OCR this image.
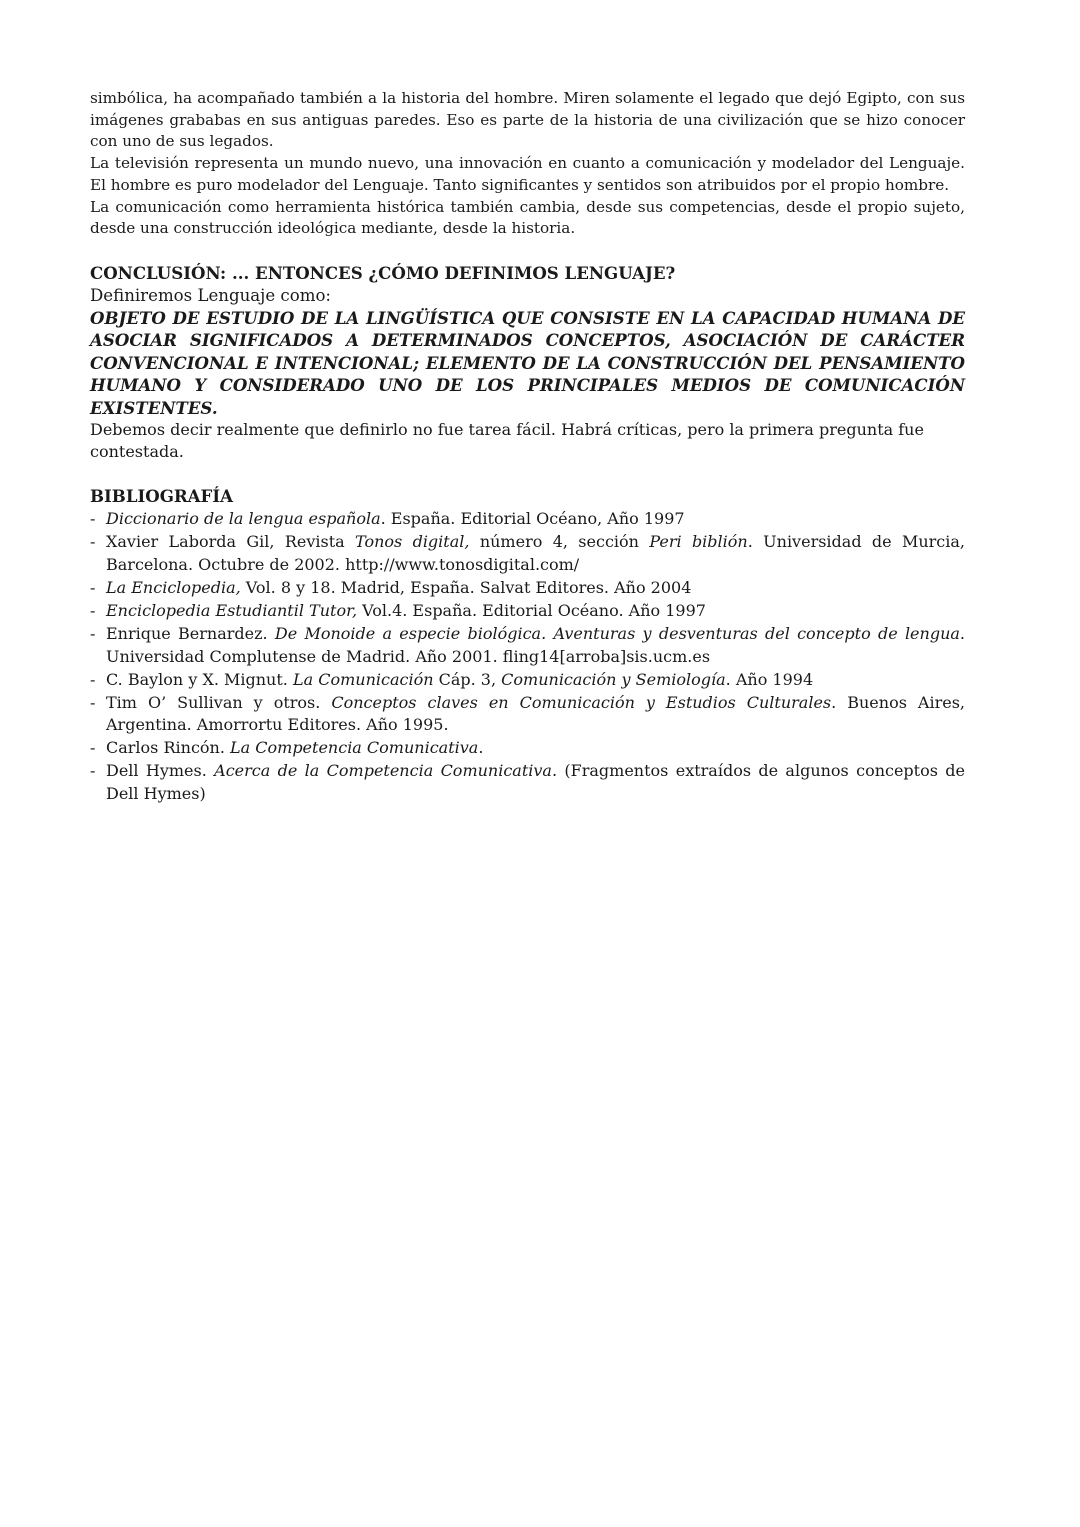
simbólica, ha acompañado también a la historia del hombre. Miren solamente el legado que dejó Egipto, con sus imágenes grababas en sus antiguas paredes. Eso es parte de la historia de una civilización que se hizo conocer con uno de sus legados.

La televisión representa un mundo nuevo, una innovación en cuanto a comunicación y modelador del Lenguaje. El hombre es puro modelador del Lenguaje. Tanto significantes y sentidos son atribuidos por el propio hombre.

La comunicación como herramienta histórica también cambia, desde sus competencias, desde el propio sujeto, desde una construcción ideológica mediante, desde la historia.

CONCLUSIÓN: ... ENTONCES ¿CÓMO DEFINIMOS LENGUAJE?

Definiremos Lenguaje como:

OBJETO DE ESTUDIO DE LA LINGÜÍSTICA QUE CONSISTE EN LA CAPACIDAD HUMANA DE ASOCIAR SIGNIFICADOS A DETERMINADOS CONCEPTOS, ASOCIACIÓN DE CARÁCTER CONVENCIONAL E INTENCIONAL; ELEMENTO DE LA CONSTRUCCIÓN DEL PENSAMIENTO HUMANO Y CONSIDERADO UNO DE LOS PRINCIPALES MEDIOS DE COMUNICACIÓN EXISTENTES.

Debemos decir realmente que definirlo no fue tarea fácil. Habrá críticas, pero la primera pregunta fue contestada.

BIBLIOGRAFÍA
- Diccionario de la lengua española. España. Editorial Océano, Año 1997
- Xavier Laborda Gil, Revista Tonos digital, número 4, sección Peri biblión. Universidad de Murcia, Barcelona. Octubre de 2002. http://www.tonosdigital.com/
- La Enciclopedia, Vol. 8 y 18. Madrid, España. Salvat Editores. Año 2004
- Enciclopedia Estudiantil Tutor, Vol.4. España. Editorial Océano. Año 1997
- Enrique Bernardez. De Monoide a especie biológica. Aventuras y desventuras del concepto de lengua. Universidad Complutense de Madrid. Año 2001. fling14[arroba]sis.ucm.es
- C. Baylon y X. Mignut. La Comunicación Cáp. 3, Comunicación y Semiología. Año 1994
- Tim O’ Sullivan y otros. Conceptos claves en Comunicación y Estudios Culturales. Buenos Aires, Argentina. Amorrortu Editores. Año 1995.
- Carlos Rincón. La Competencia Comunicativa.
- Dell Hymes. Acerca de la Competencia Comunicativa. (Fragmentos extraídos de algunos conceptos de Dell Hymes)
